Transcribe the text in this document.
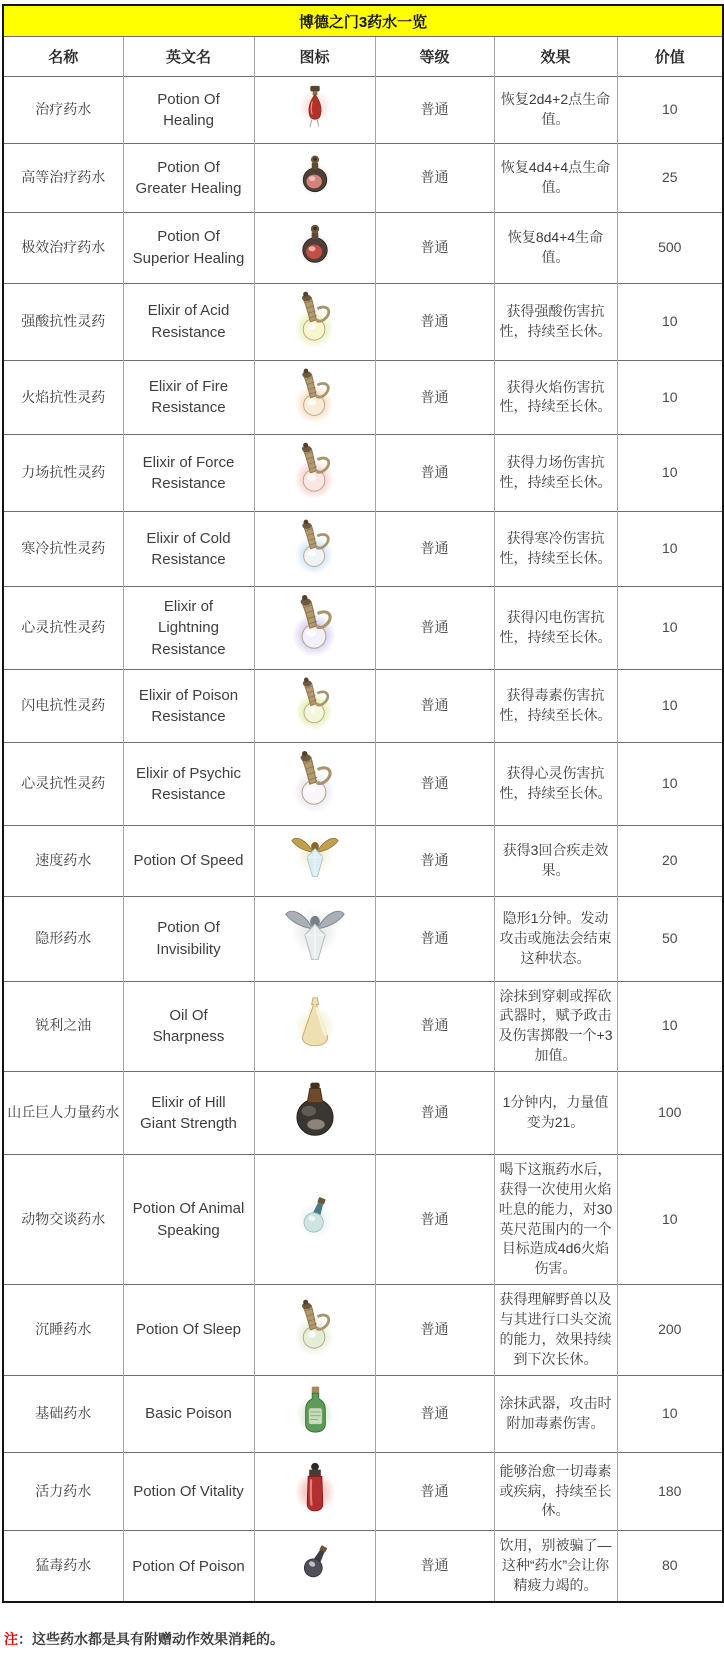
博德之门3药水一览					
名称	英文名	图标	等级	效果	价值
治疗药水	Potion Of Healing		普通	恢复2d4+2点生命值。	10
高等治疗药水	Potion Of Greater Healing		普通	恢复4d4+4点生命值。	25
极效治疗药水	Potion Of Superior Healing		普通	恢复8d4+4生命值。	500
强酸抗性灵药	Elixir of Acid Resistance		普通	获得强酸伤害抗性，持续至长休。	10
火焰抗性灵药	Elixir of Fire Resistance		普通	获得火焰伤害抗性，持续至长休。	10
力场抗性灵药	Elixir of Force Resistance		普通	获得力场伤害抗性，持续至长休。	10
寒冷抗性灵药	Elixir of Cold Resistance		普通	获得寒冷伤害抗性，持续至长休。	10
心灵抗性灵药	Elixir of Lightning Resistance		普通	获得闪电伤害抗性，持续至长休。	10
闪电抗性灵药	Elixir of Poison Resistance		普通	获得毒素伤害抗性，持续至长休。	10
心灵抗性灵药	Elixir of Psychic Resistance		普通	获得心灵伤害抗性，持续至长休。	10
速度药水	Potion Of Speed		普通	获得3回合疾走效果。	20
隐形药水	Potion Of Invisibility		普通	隐形1分钟。发动攻击或施法会结束这种状态。	50
锐利之油	Oil Of Sharpness		普通	涂抹到穿刺或挥砍武器时，赋予政击及伤害掷骰一个+3加值。	10
山丘巨人力量药水	Elixir of Hill Giant Strength		普通	1分钟内，力量值变为21。	100
动物交谈药水	Potion Of Animal Speaking		普通	喝下这瓶药水后，获得一次使用火焰吐息的能力，对30英尺范围内的一个目标造成4d6火焰伤害。	10
沉睡药水	Potion Of Sleep		普通	获得理解野兽以及与其进行口头交流的能力，效果持续到下次长休。	200
基础药水	Basic Poison		普通	涂抹武器，攻击时附加毒素伤害。	10
活力药水	Potion Of Vitality		普通	能够治愈一切毒素或疾病，持续至长休。	180
猛毒药水	Potion Of Poison		普通	饮用，别被骗了—这种“药水”会让你精疲力竭的。	80

注：这些药水都是具有附赠动作效果消耗的。
